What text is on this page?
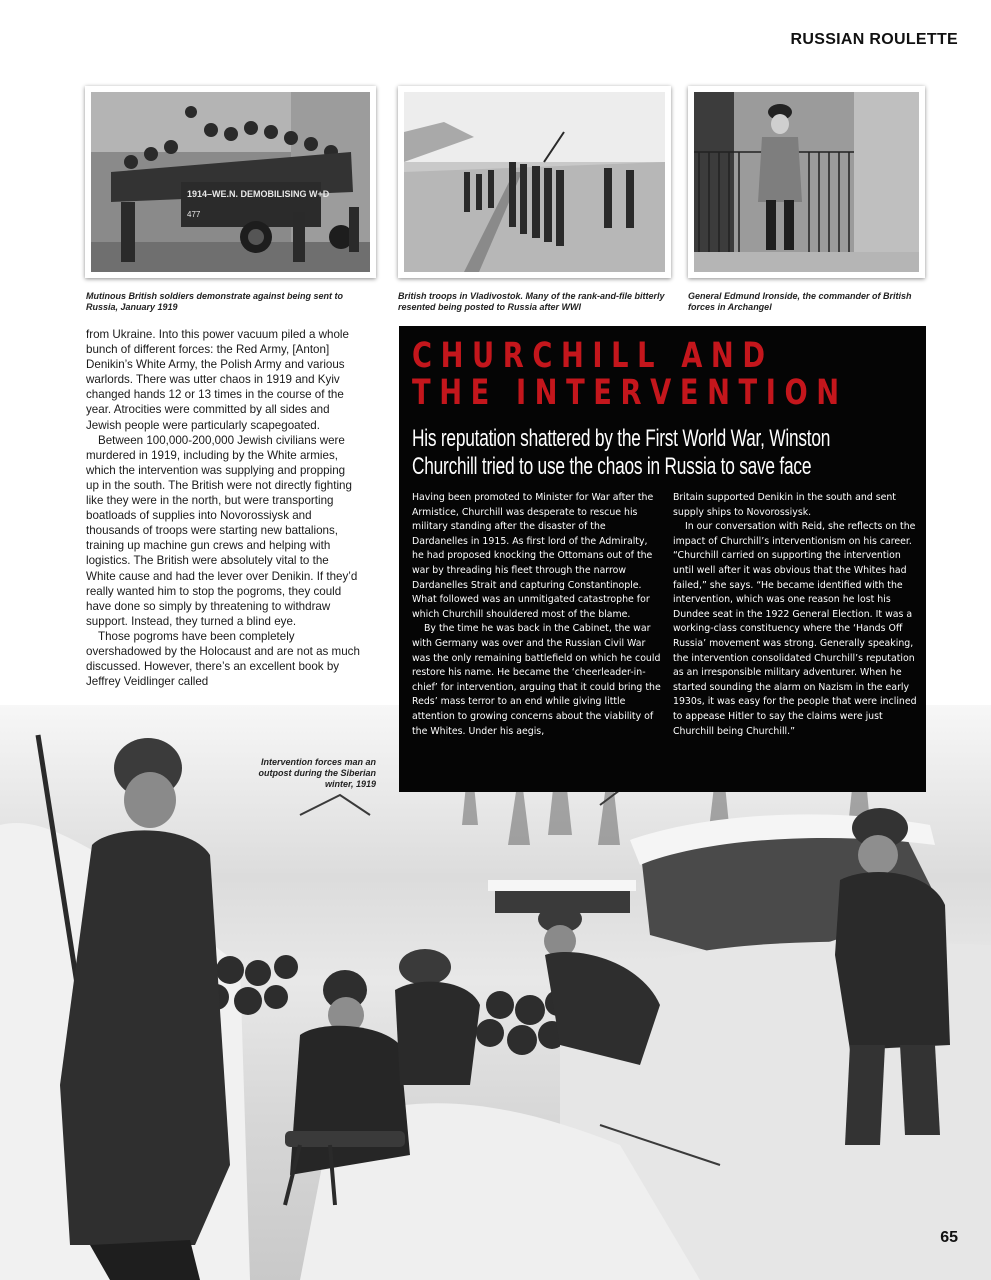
RUSSIAN ROULETTE
1914–WE.N. DEMOBILISING W+D
477
Mutinous British soldiers demonstrate against being sent to Russia, January 1919
British troops in Vladivostok. Many of the rank-and-file bitterly resented being posted to Russia after WWI
General Edmund Ironside, the commander of British forces in Archangel

from Ukraine. Into this power vacuum piled a whole bunch of different forces: the Red Army, [Anton] Denikin’s White Army, the Polish Army and various warlords. There was utter chaos in 1919 and Kyiv changed hands 12 or 13 times in the course of the year. Atrocities were committed by all sides and Jewish people were particularly scapegoated.

Between 100,000-200,000 Jewish civilians were murdered in 1919, including by the White armies, which the intervention was supplying and propping up in the south. The British were not directly fighting like they were in the north, but were transporting boatloads of supplies into Novorossiysk and thousands of troops were starting new battalions, training up machine gun crews and helping with logistics. The British were absolutely vital to the White cause and had the lever over Denikin. If they’d really wanted him to stop the pogroms, they could have done so simply by threatening to withdraw support. Instead, they turned a blind eye.

Those pogroms have been completely overshadowed by the Holocaust and are not as much discussed. However, there’s an excellent book by Jeffrey Veidlinger called

Intervention forces man an outpost during the Siberian winter, 1919
CHURCHILL AND
THE INTERVENTION
His reputation shattered by the First World War, Winston
Churchill tried to use the chaos in Russia to save face

Having been promoted to Minister for War after the Armistice, Churchill was desperate to rescue his military standing after the disaster of the Dardanelles in 1915. As first lord of the Admiralty, he had proposed knocking the Ottomans out of the war by threading his fleet through the narrow Dardanelles Strait and capturing Constantinople. What followed was an unmitigated catastrophe for which Churchill shouldered most of the blame.

By the time he was back in the Cabinet, the war with Germany was over and the Russian Civil War was the only remaining battlefield on which he could restore his name. He became the ‘cheerleader-in-chief’ for intervention, arguing that it could bring the Reds’ mass terror to an end while giving little attention to growing concerns about the viability of the Whites. Under his aegis,

Britain supported Denikin in the south and sent supply ships to Novorossiysk.

In our conversation with Reid, she reflects on the impact of Churchill’s interventionism on his career. “Churchill carried on supporting the intervention until well after it was obvious that the Whites had failed,” she says. “He became identified with the intervention, which was one reason he lost his Dundee seat in the 1922 General Election. It was a working-class constituency where the ‘Hands Off Russia’ movement was strong. Generally speaking, the intervention consolidated Churchill’s reputation as an irresponsible military adventurer. When he started sounding the alarm on Nazism in the early 1930s, it was easy for the people that were inclined to appease Hitler to say the claims were just Churchill being Churchill.”

65
